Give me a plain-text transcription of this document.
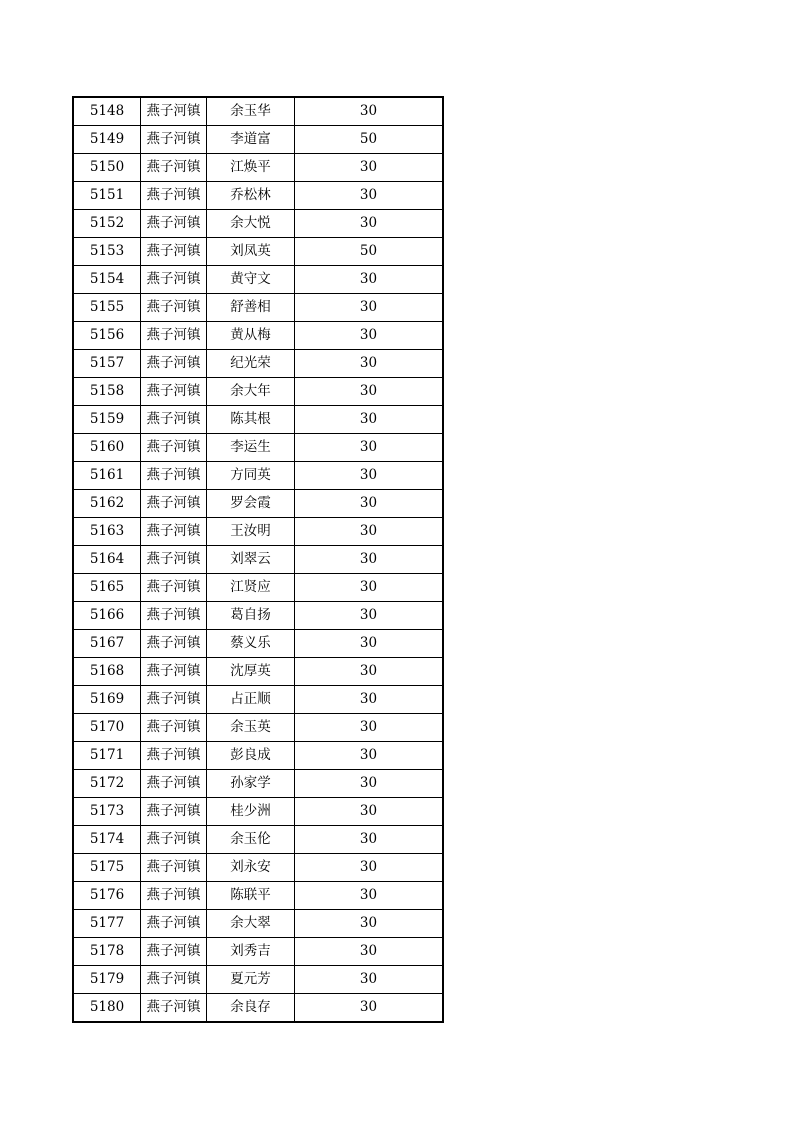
5148	燕子河镇	余玉华	30
5149	燕子河镇	李道富	50
5150	燕子河镇	江焕平	30
5151	燕子河镇	乔松林	30
5152	燕子河镇	余大悦	30
5153	燕子河镇	刘凤英	50
5154	燕子河镇	黄守文	30
5155	燕子河镇	舒善相	30
5156	燕子河镇	黄从梅	30
5157	燕子河镇	纪光荣	30
5158	燕子河镇	余大年	30
5159	燕子河镇	陈其根	30
5160	燕子河镇	李运生	30
5161	燕子河镇	方同英	30
5162	燕子河镇	罗会霞	30
5163	燕子河镇	王汝明	30
5164	燕子河镇	刘翠云	30
5165	燕子河镇	江贤应	30
5166	燕子河镇	葛自扬	30
5167	燕子河镇	蔡义乐	30
5168	燕子河镇	沈厚英	30
5169	燕子河镇	占正顺	30
5170	燕子河镇	余玉英	30
5171	燕子河镇	彭良成	30
5172	燕子河镇	孙家学	30
5173	燕子河镇	桂少洲	30
5174	燕子河镇	余玉伦	30
5175	燕子河镇	刘永安	30
5176	燕子河镇	陈联平	30
5177	燕子河镇	余大翠	30
5178	燕子河镇	刘秀吉	30
5179	燕子河镇	夏元芳	30
5180	燕子河镇	余良存	30
